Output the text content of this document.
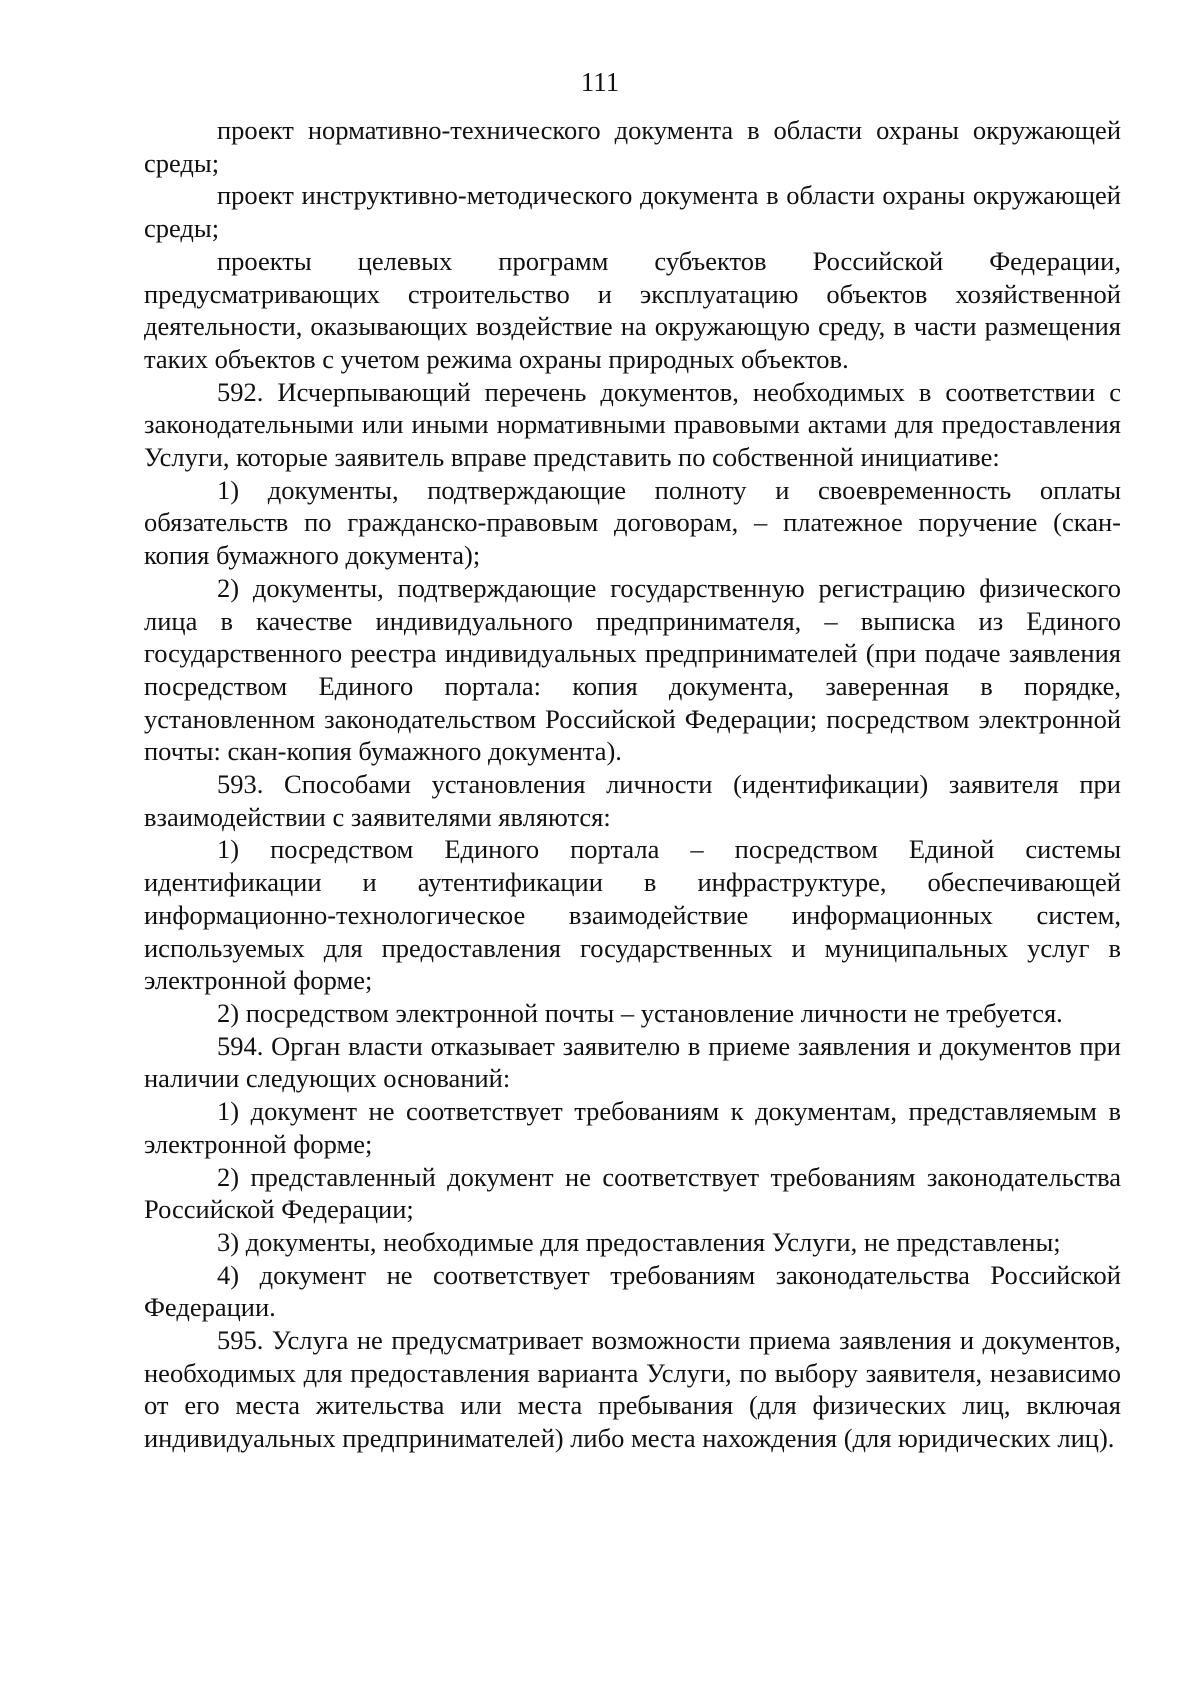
111

проект нормативно-технического документа в области охраны окружающей среды;

проект инструктивно-методического документа в области охраны окружающей среды;

проекты целевых программ субъектов Российской Федерации, предусматривающих строительство и эксплуатацию объектов хозяйственной деятельности, оказывающих воздействие на окружающую среду, в части размещения таких объектов с учетом режима охраны природных объектов.

592. Исчерпывающий перечень документов, необходимых в соответствии с законодательными или иными нормативными правовыми актами для предоставления Услуги, которые заявитель вправе представить по собственной инициативе:

1) документы, подтверждающие полноту и своевременность оплаты обязательств по гражданско-правовым договорам, – платежное поручение (скан-копия бумажного документа);

2) документы, подтверждающие государственную регистрацию физического лица в качестве индивидуального предпринимателя, – выписка из Единого государственного реестра индивидуальных предпринимателей (при подаче заявления посредством Единого портала: копия документа, заверенная в порядке, установленном законодательством Российской Федерации; посредством электронной почты: скан-копия бумажного документа).

593. Способами установления личности (идентификации) заявителя при взаимодействии с заявителями являются:

1) посредством Единого портала – посредством Единой системы идентификации и аутентификации в инфраструктуре, обеспечивающей информационно-технологическое взаимодействие информационных систем, используемых для предоставления государственных и муниципальных услуг в электронной форме;

2) посредством электронной почты – установление личности не требуется.

594. Орган власти отказывает заявителю в приеме заявления и документов при наличии следующих оснований:

1) документ не соответствует требованиям к документам, представляемым в электронной форме;

2) представленный документ не соответствует требованиям законодательства Российской Федерации;

3) документы, необходимые для предоставления Услуги, не представлены;

4) документ не соответствует требованиям законодательства Российской Федерации.

595. Услуга не предусматривает возможности приема заявления и документов, необходимых для предоставления варианта Услуги, по выбору заявителя, независимо от его места жительства или места пребывания (для физических лиц, включая индивидуальных предпринимателей) либо места нахождения (для юридических лиц).
